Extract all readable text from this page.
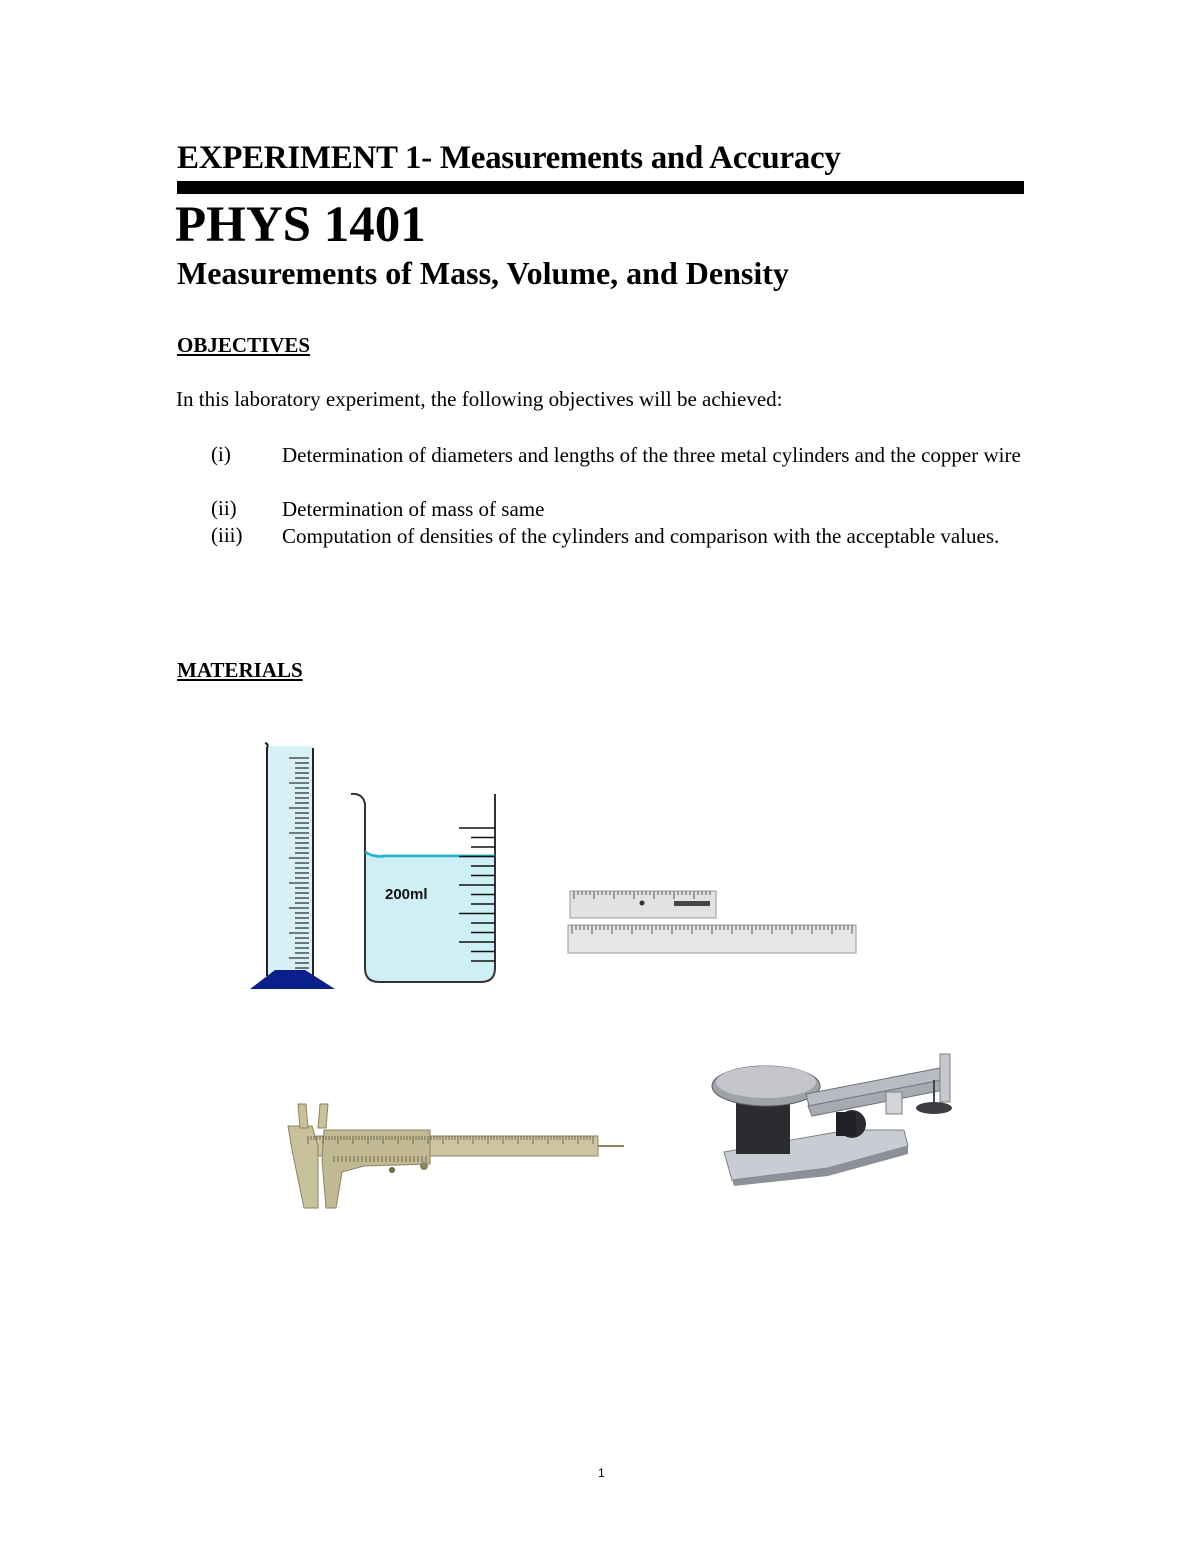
EXPERIMENT 1- Measurements and Accuracy
PHYS 1401
Measurements of Mass, Volume, and Density
OBJECTIVES
In this laboratory experiment, the following objectives will be achieved:
(i) Determination of diameters and lengths of the three metal cylinders and the copper wire
(ii) Determination of mass of same
(iii) Computation of densities of the cylinders and comparison with the acceptable values.
MATERIALS
200ml
1
